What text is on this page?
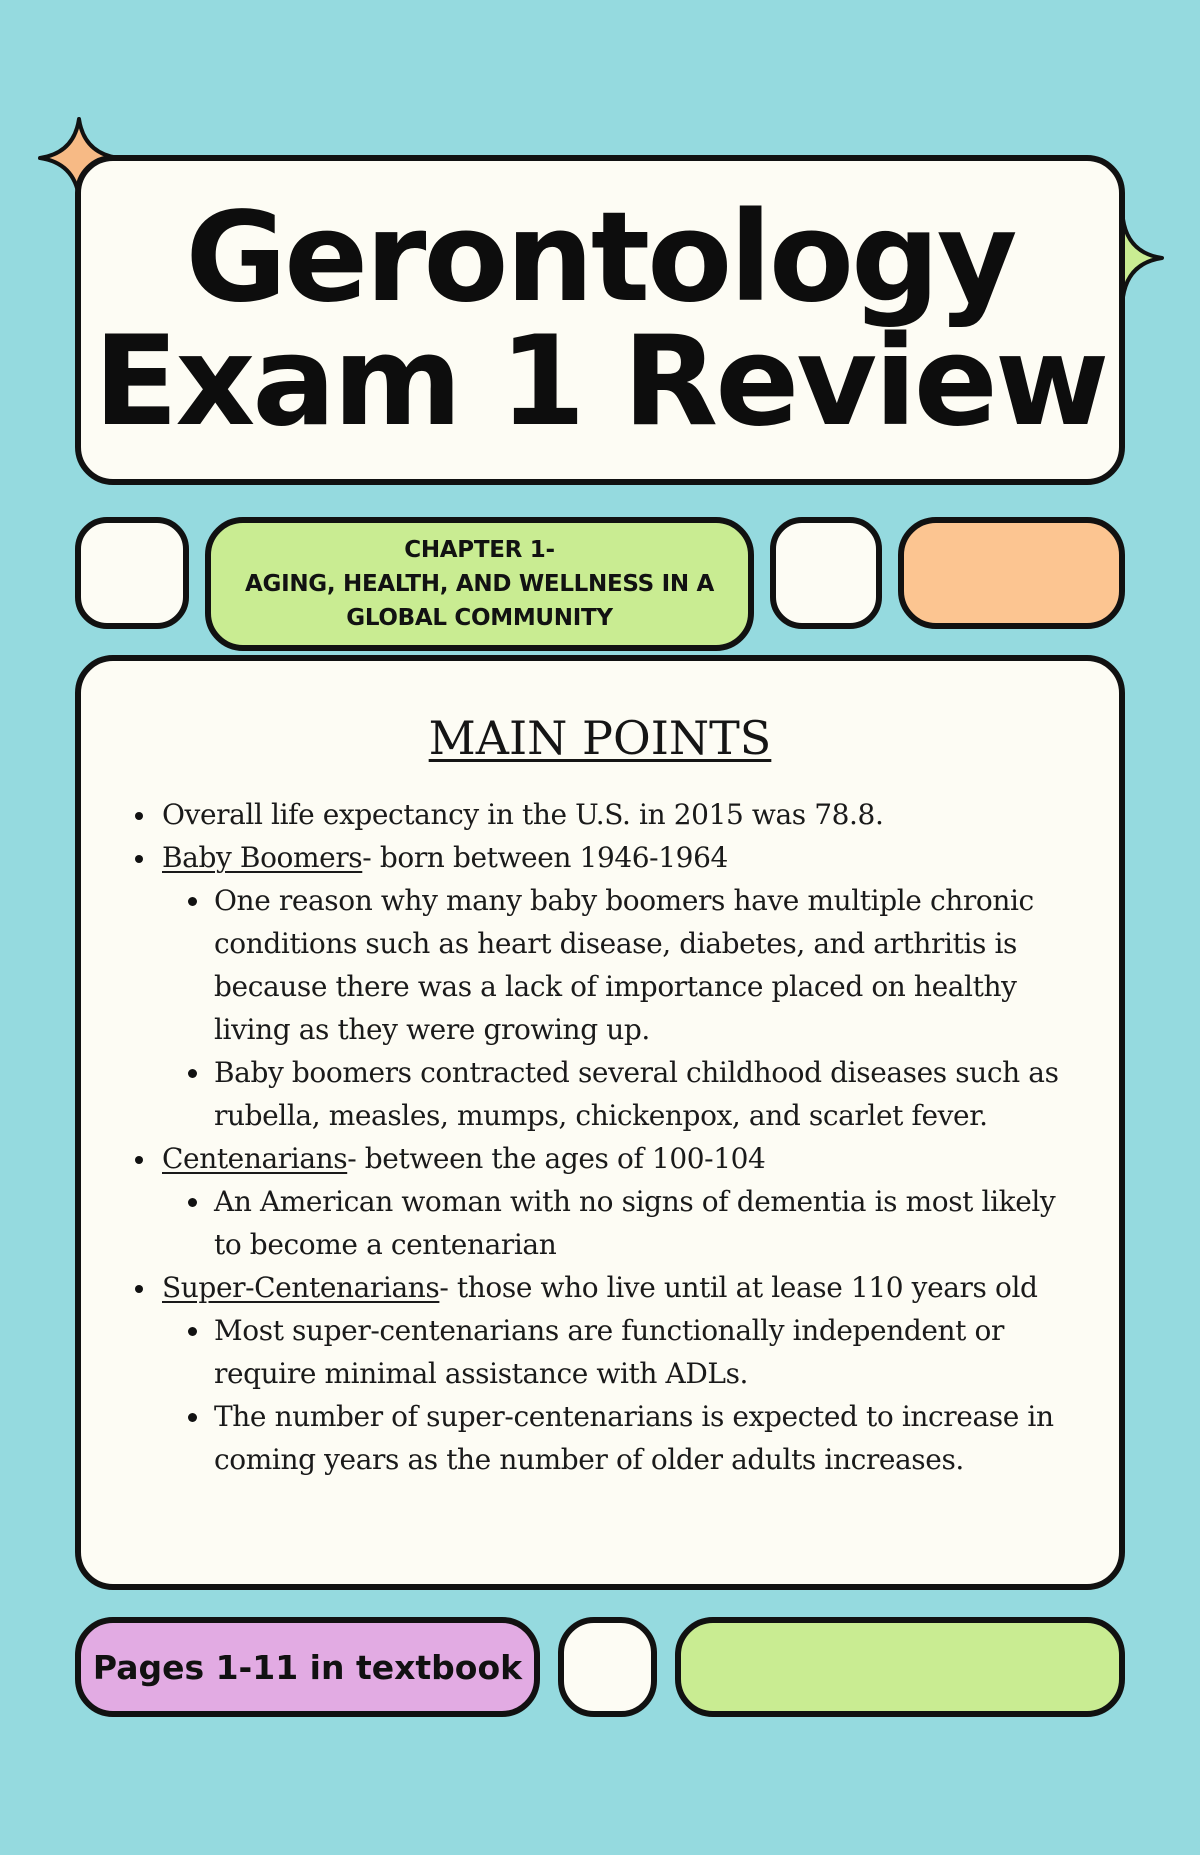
Gerontology
Exam 1 Review
CHAPTER 1-
AGING, HEALTH, AND WELLNESS IN A
GLOBAL COMMUNITY
MAIN POINTS
Overall life expectancy in the U.S. in 2015 was 78.8.
Baby Boomers- born between 1946-1964
One reason why many baby boomers have multiple chronic conditions such as heart disease, diabetes, and arthritis is because there was a lack of importance placed on healthy living as they were growing up.
Baby boomers contracted several childhood diseases such as rubella, measles, mumps, chickenpox, and scarlet fever.
Centenarians- between the ages of 100-104
An American woman with no signs of dementia is most likely to become a centenarian
Super-Centenarians- those who live until at lease 110 years old
Most super-centenarians are functionally independent or require minimal assistance with ADLs.
The number of super-centenarians is expected to increase in coming years as the number of older adults increases.
Pages 1-11 in textbook
